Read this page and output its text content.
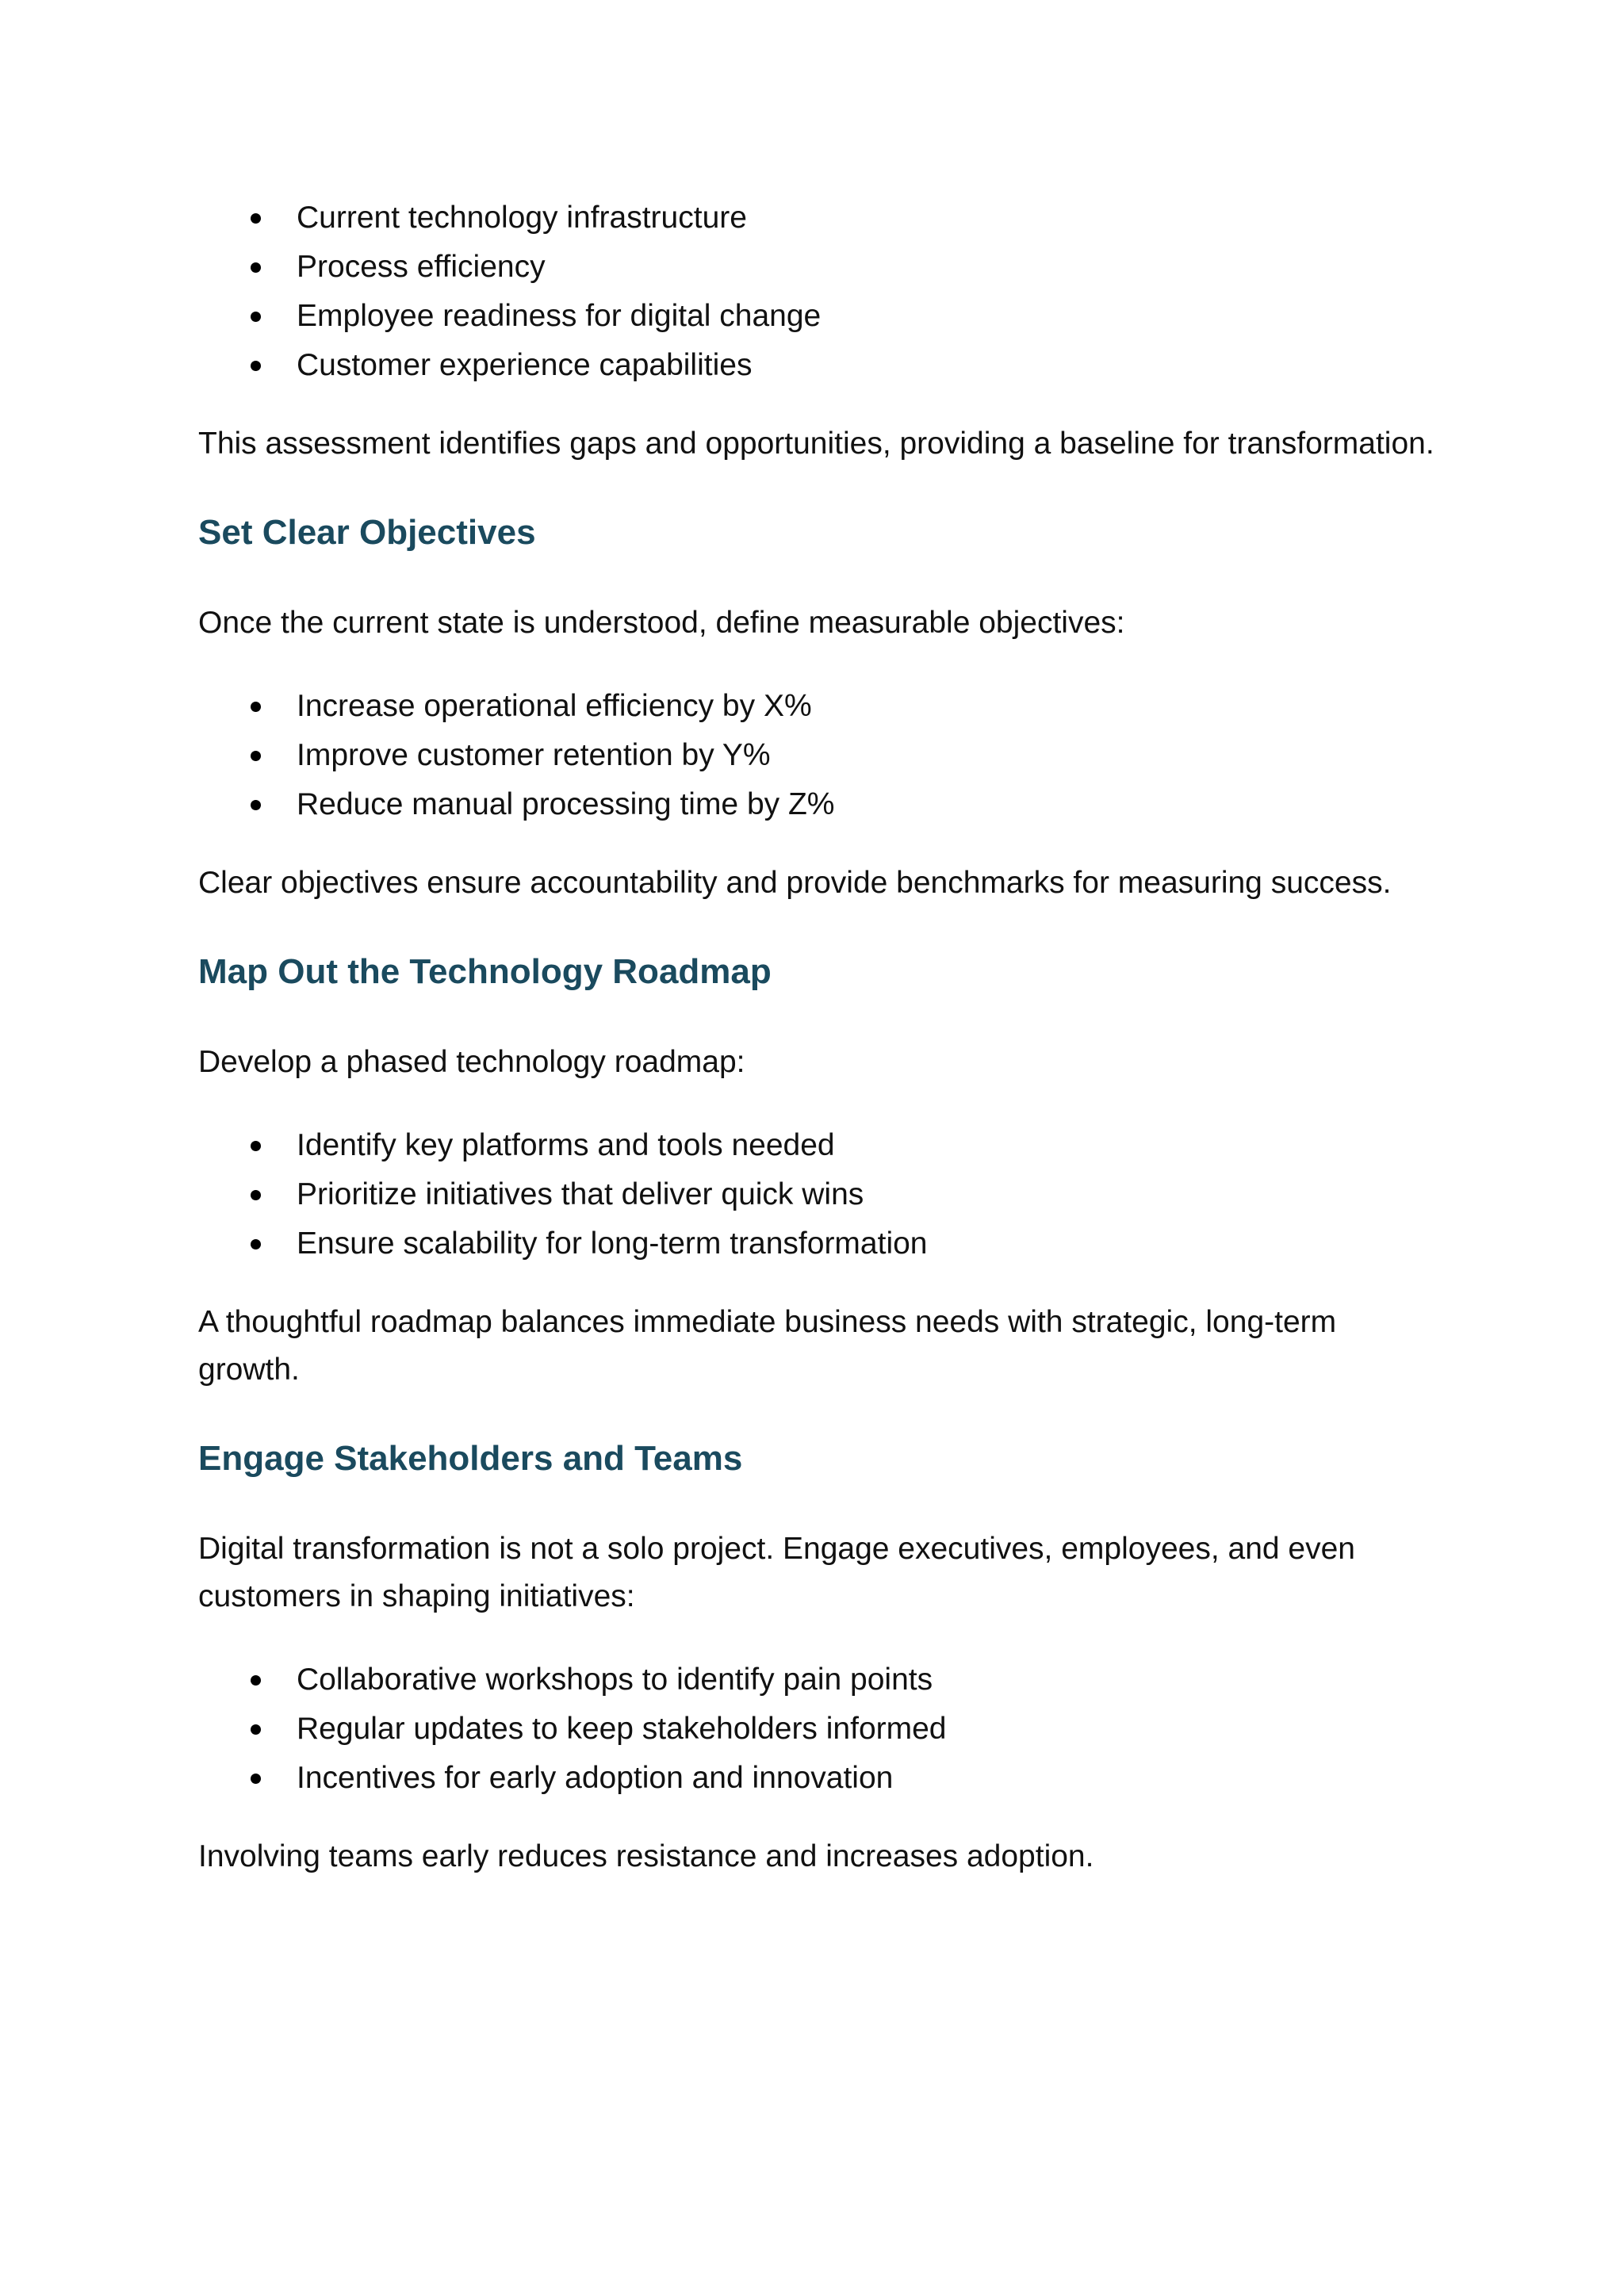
Current technology infrastructure
Process efficiency
Employee readiness for digital change
Customer experience capabilities

This assessment identifies gaps and opportunities, providing a baseline for transformation.

Set Clear Objectives

Once the current state is understood, define measurable objectives:

Increase operational efficiency by X%
Improve customer retention by Y%
Reduce manual processing time by Z%

Clear objectives ensure accountability and provide benchmarks for measuring success.

Map Out the Technology Roadmap

Develop a phased technology roadmap:

Identify key platforms and tools needed
Prioritize initiatives that deliver quick wins
Ensure scalability for long-term transformation

A thoughtful roadmap balances immediate business needs with strategic, long-term growth.

Engage Stakeholders and Teams

Digital transformation is not a solo project. Engage executives, employees, and even customers in shaping initiatives:

Collaborative workshops to identify pain points
Regular updates to keep stakeholders informed
Incentives for early adoption and innovation

Involving teams early reduces resistance and increases adoption.
